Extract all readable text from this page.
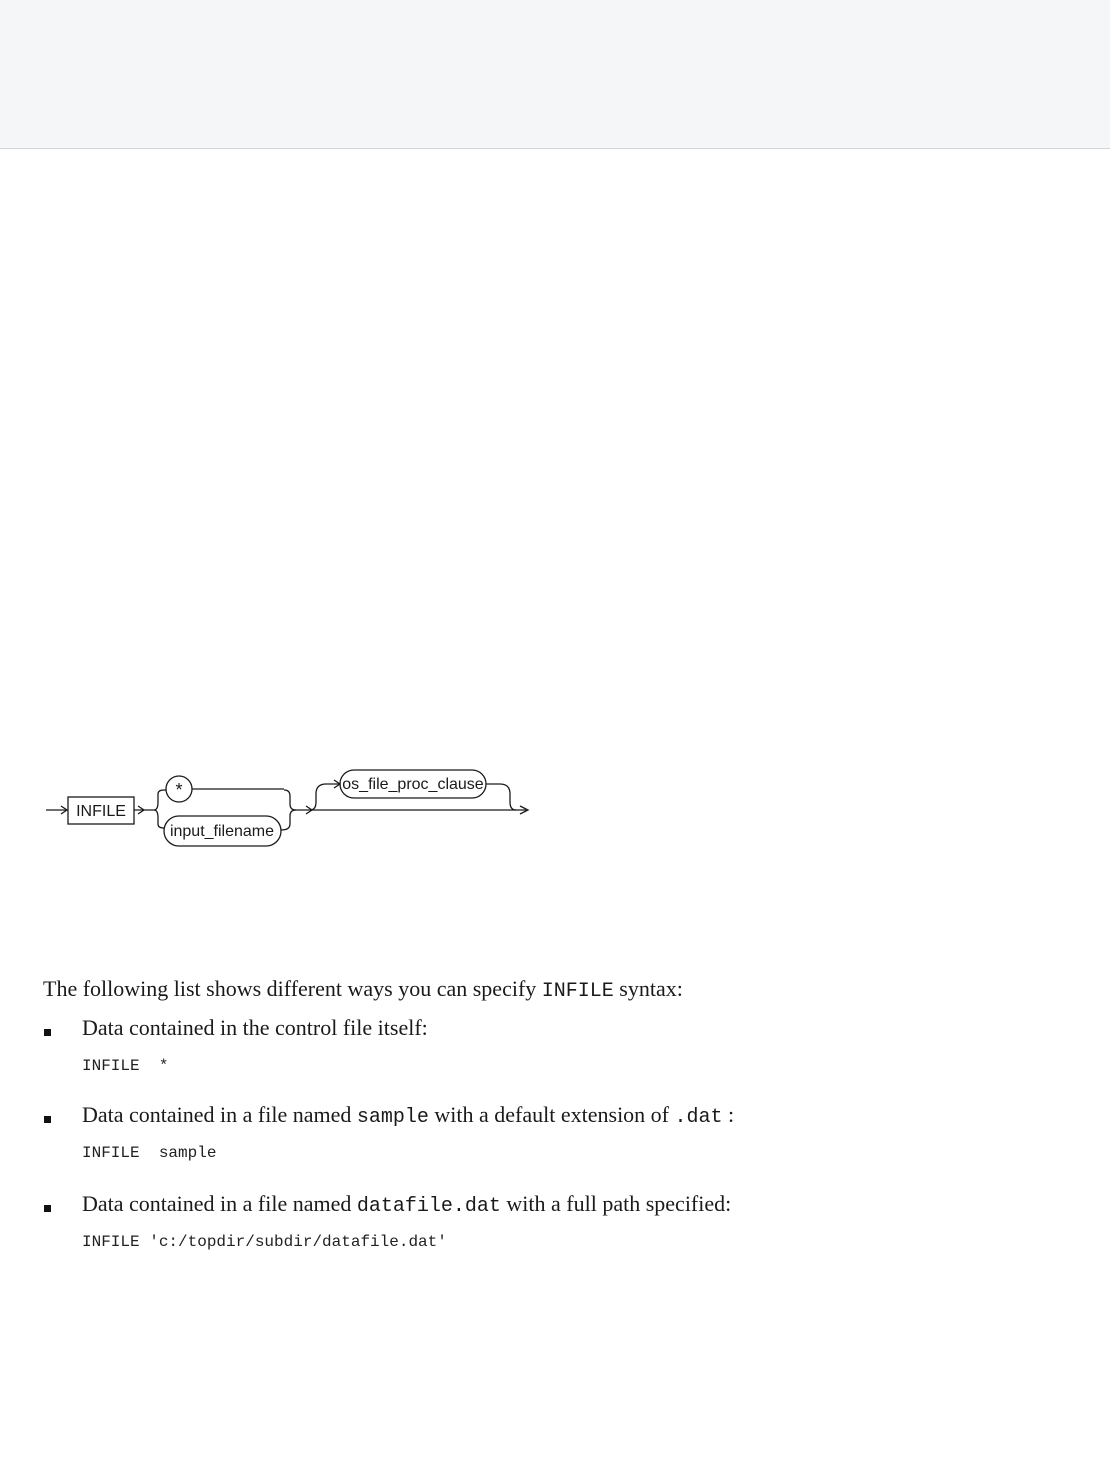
INFILE
*
input_filename
os_file_proc_clause
The following list shows different ways you can specify INFILE syntax:
Data contained in the control file itself:
INFILE  *
Data contained in a file named sample with a default extension of .dat :
INFILE  sample
Data contained in a file named datafile.dat with a full path specified:
INFILE 'c:/topdir/subdir/datafile.dat'
